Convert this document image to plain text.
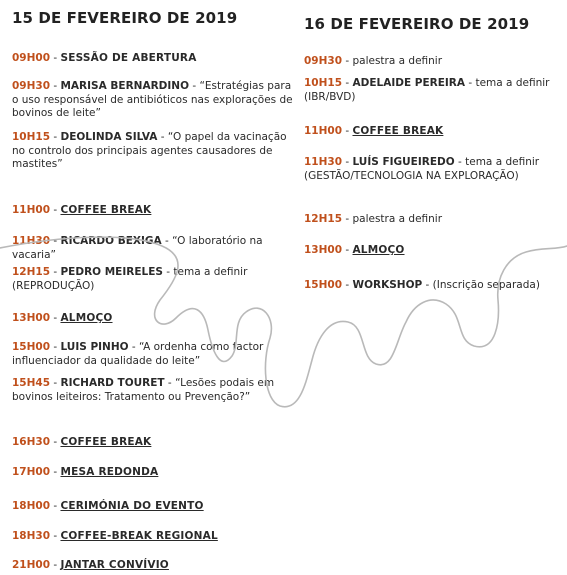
15 DE FEVEREIRO DE 2019
09H00 - SESSÃO DE ABERTURA
09H30 - MARISA BERNARDINO - “Estratégias para o uso responsável de antibióticos nas explorações de bovinos de leite”
10H15 - DEOLINDA SILVA - “O papel da vacinação no controlo dos principais agentes causadores de mastites”
11H00 - COFFEE BREAK
11H30 - RICARDO BEXIGA - “O laboratório na vacaria”
12H15 - PEDRO MEIRELES - tema a definir (REPRODUÇÃO)
13H00 - ALMOÇO
15H00 - LUIS PINHO - “A ordenha como factor influenciador da qualidade do leite”
15H45 - RICHARD TOURET - “Lesões podais em bovinos leiteiros: Tratamento ou Prevenção?”
16H30 - COFFEE BREAK
17H00 - MESA REDONDA
18H00 - CERIMÓNIA DO EVENTO
18H30 - COFFEE-BREAK REGIONAL
21H00 - JANTAR CONVÍVIO
16 DE FEVEREIRO DE 2019
09H30 - palestra a definir
10H15 - ADELAIDE PEREIRA - tema a definir (IBR/BVD)
11H00 - COFFEE BREAK
11H30 - LUÍS FIGUEIREDO - tema a definir (GESTÃO/TECNOLOGIA NA EXPLORAÇÃO)
12H15 - palestra a definir
13H00 - ALMOÇO
15H00 - WORKSHOP - (Inscrição separada)
